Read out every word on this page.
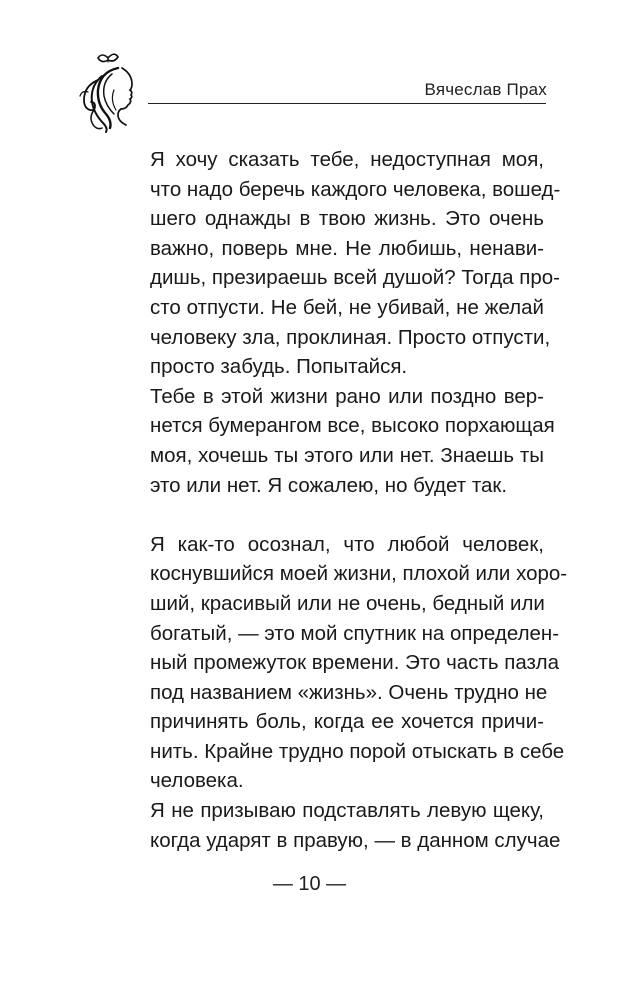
Вячеслав Прах

Я хочу сказать тебе, недоступная моя,
что надо беречь каждого человека, вошед-
шего однажды в твою жизнь. Это очень
важно, поверь мне. Не любишь, ненави-
дишь, презираешь всей душой? Тогда про-
сто отпусти. Не бей, не убивай, не желай
человеку зла, проклиная. Просто отпусти,
просто забудь. Попытайся.

Тебе в этой жизни рано или поздно вер-
нется бумерангом все, высоко порхающая
моя, хочешь ты этого или нет. Знаешь ты
это или нет. Я сожалею, но будет так.

Я как-то осознал, что любой человек,
коснувшийся моей жизни, плохой или хоро-
ший, красивый или не очень, бедный или
богатый, — это мой спутник на определен-
ный промежуток времени. Это часть пазла
под названием «жизнь». Очень трудно не
причинять боль, когда ее хочется причи-
нить. Крайне трудно порой отыскать в себе
человека.

Я не призываю подставлять левую щеку,
когда ударят в правую, — в данном случае

— 10 —
